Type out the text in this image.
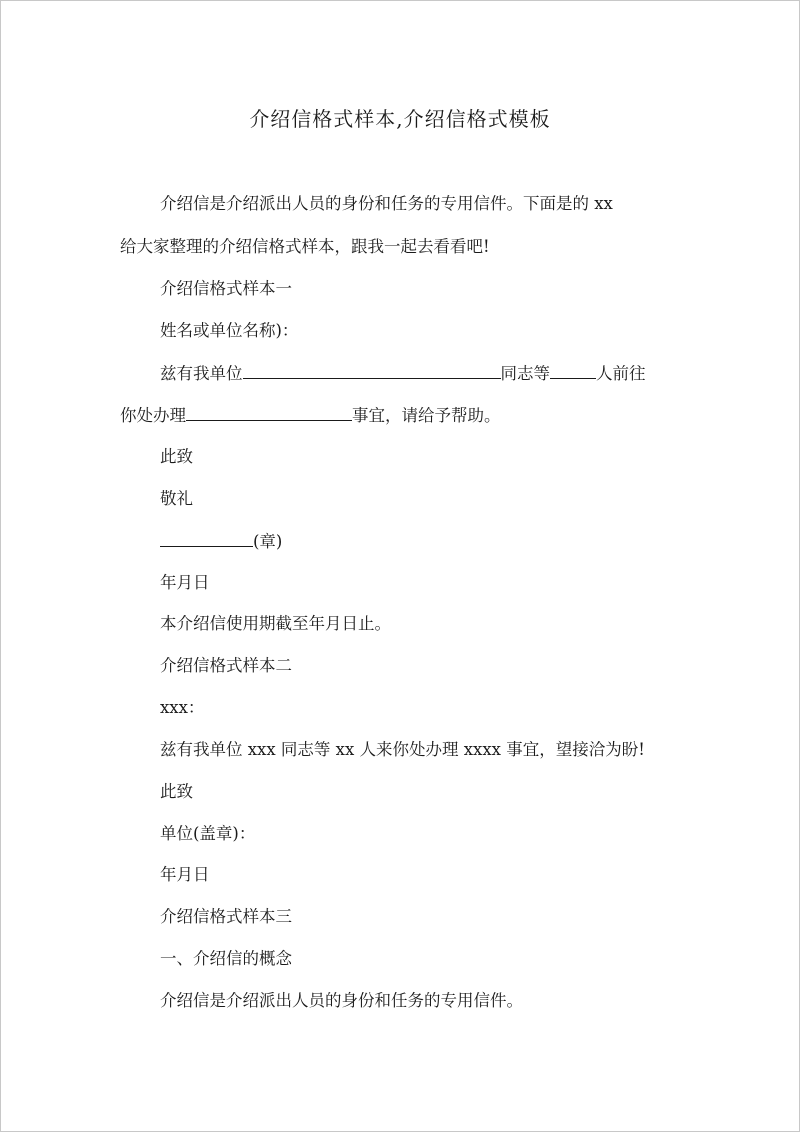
介绍信格式样本,介绍信格式模板
介绍信是介绍派出人员的身份和任务的专用信件。下面是的 xx
给大家整理的介绍信格式样本，跟我一起去看看吧!
介绍信格式样本一
姓名或单位名称)：
兹有我单位	同志等	人前往
你处办理	事宜，请给予帮助。
此致
敬礼
(章)
年月日
本介绍信使用期截至年月日止。
介绍信格式样本二
xxx：
兹有我单位 xxx 同志等 xx 人来你处办理 xxxx 事宜，望接洽为盼!
此致
单位(盖章)：
年月日
介绍信格式样本三
一、介绍信的概念
介绍信是介绍派出人员的身份和任务的专用信件。
